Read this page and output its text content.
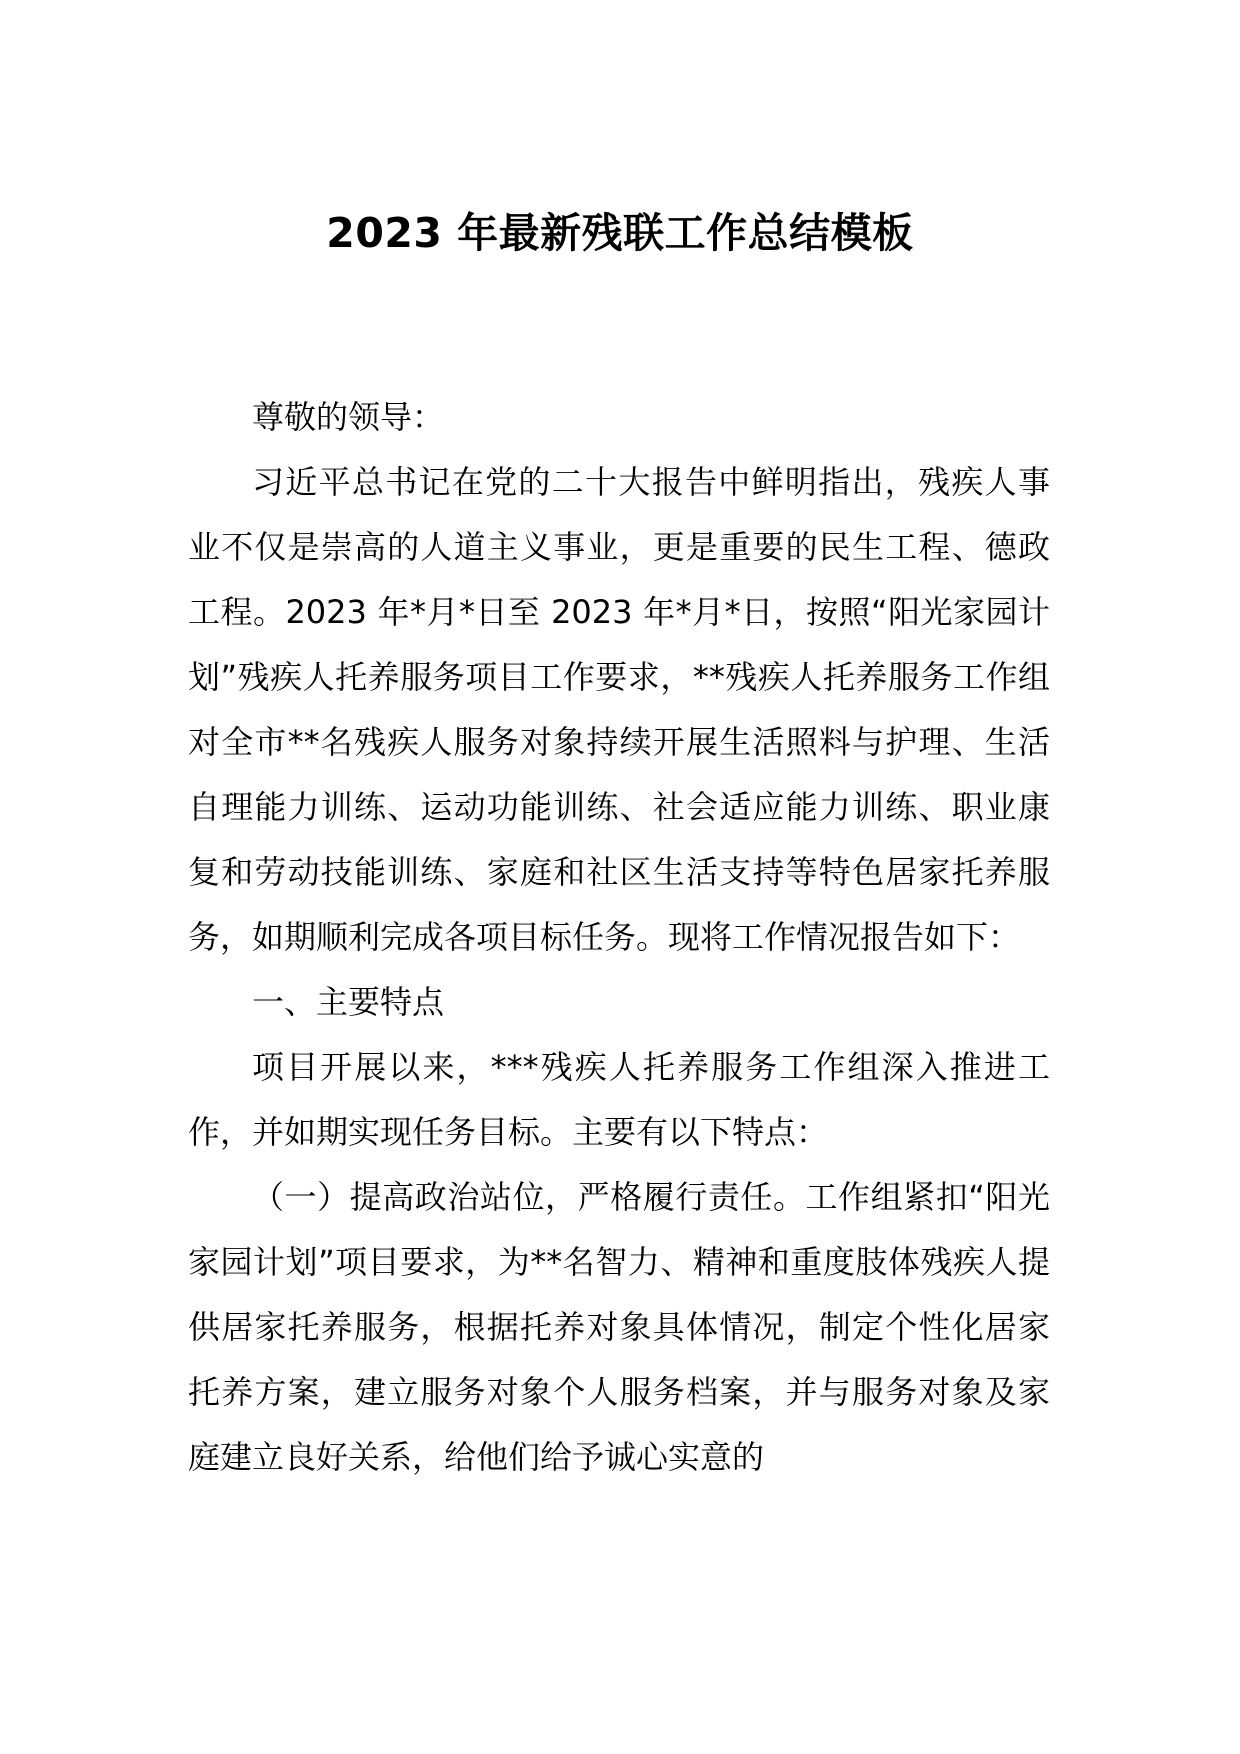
2023 年最新残联工作总结模板

尊敬的领导：

习近平总书记在党的二十大报告中鲜明指出，残疾人事业不仅是崇高的人道主义事业，更是重要的民生工程、德政工程。2023 年*月*日至 2023 年*月*日，按照“阳光家园计划”残疾人托养服务项目工作要求，**残疾人托养服务工作组对全市**名残疾人服务对象持续开展生活照料与护理、生活自理能力训练、运动功能训练、社会适应能力训练、职业康复和劳动技能训练、家庭和社区生活支持等特色居家托养服务，如期顺利完成各项目标任务。现将工作情况报告如下：

一、主要特点

项目开展以来，***残疾人托养服务工作组深入推进工作，并如期实现任务目标。主要有以下特点：

（一）提高政治站位，严格履行责任。工作组紧扣“阳光家园计划”项目要求，为**名智力、精神和重度肢体残疾人提供居家托养服务，根据托养对象具体情况，制定个性化居家托养方案，建立服务对象个人服务档案，并与服务对象及家庭建立良好关系，给他们给予诚心实意的
